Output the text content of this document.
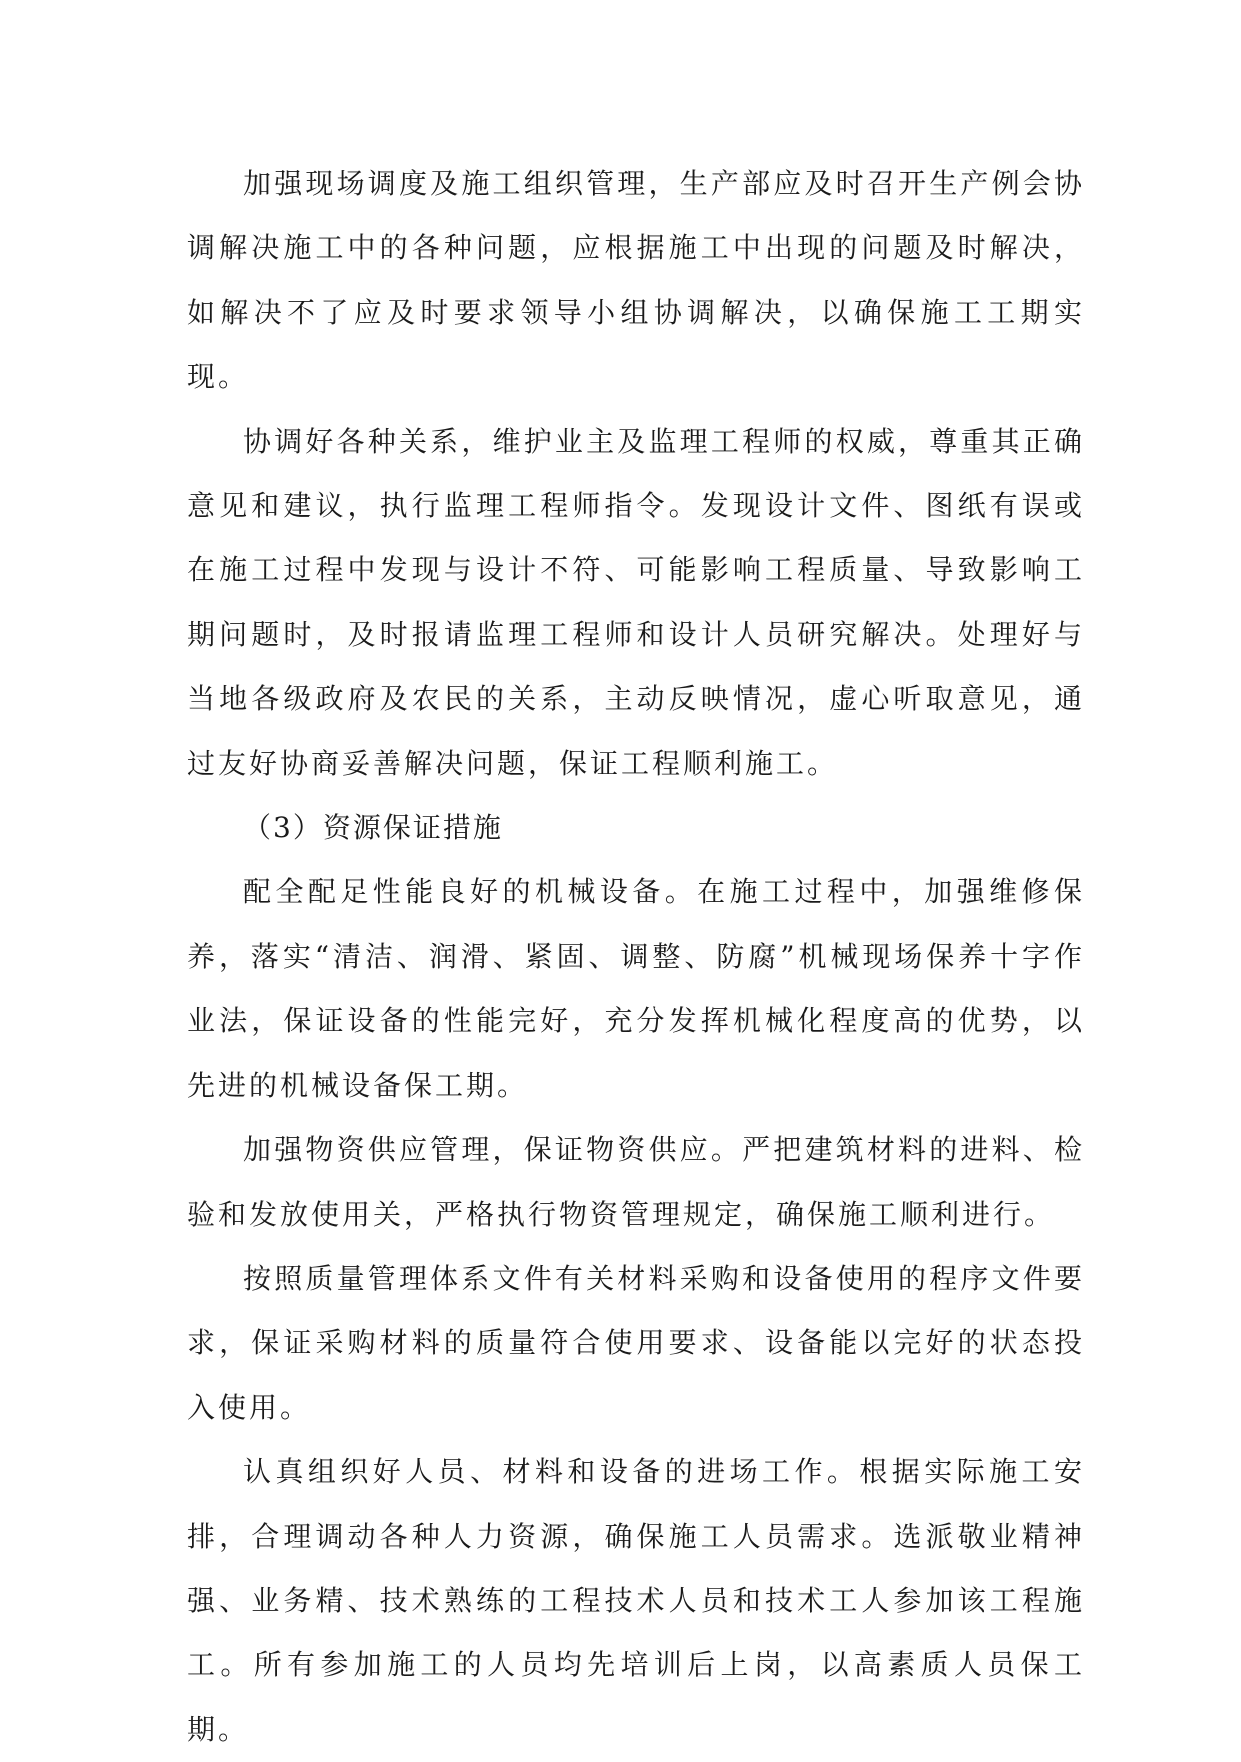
加强现场调度及施工组织管理，生产部应及时召开生产例会协调解决施工中的各种问题，应根据施工中出现的问题及时解决，如解决不了应及时要求领导小组协调解决，以确保施工工期实现。

协调好各种关系，维护业主及监理工程师的权威，尊重其正确意见和建议，执行监理工程师指令。发现设计文件、图纸有误或在施工过程中发现与设计不符、可能影响工程质量、导致影响工期问题时，及时报请监理工程师和设计人员研究解决。处理好与当地各级政府及农民的关系，主动反映情况，虚心听取意见，通过友好协商妥善解决问题，保证工程顺利施工。

（3）资源保证措施

配全配足性能良好的机械设备。在施工过程中，加强维修保养，落实“清洁、润滑、紧固、调整、防腐”机械现场保养十字作业法，保证设备的性能完好，充分发挥机械化程度高的优势，以先进的机械设备保工期。

加强物资供应管理，保证物资供应。严把建筑材料的进料、检验和发放使用关，严格执行物资管理规定，确保施工顺利进行。

按照质量管理体系文件有关材料采购和设备使用的程序文件要求，保证采购材料的质量符合使用要求、设备能以完好的状态投入使用。

认真组织好人员、材料和设备的进场工作。根据实际施工安排，合理调动各种人力资源，确保施工人员需求。选派敬业精神强、业务精、技术熟练的工程技术人员和技术工人参加该工程施工。所有参加施工的人员均先培训后上岗，以高素质人员保工期。
